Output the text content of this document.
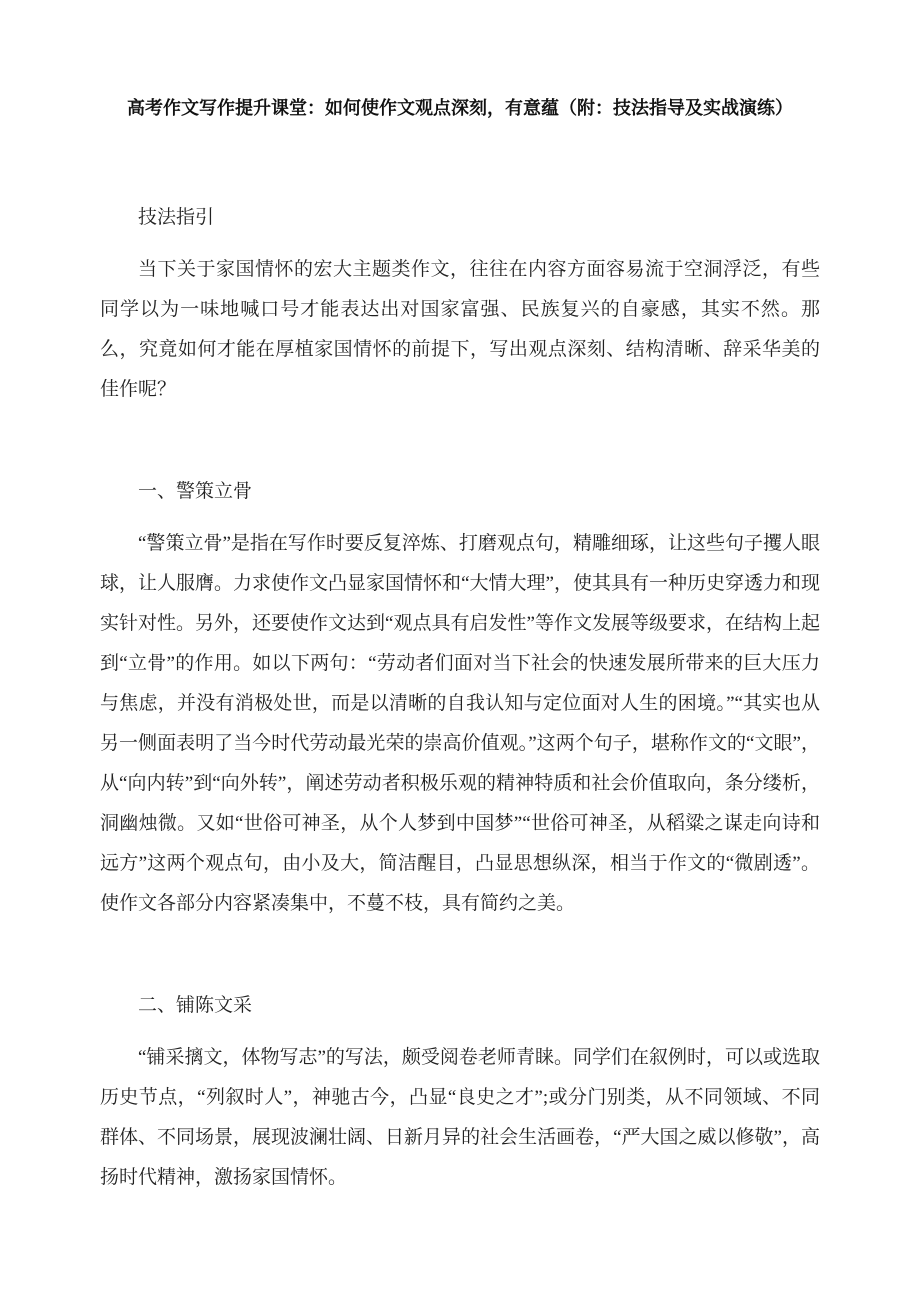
高考作文写作提升课堂：如何使作文观点深刻，有意蕴（附：技法指导及实战演练）
技法指引

当下关于家国情怀的宏大主题类作文，往往在内容方面容易流于空洞浮泛，有些同学以为一味地喊口号才能表达出对国家富强、民族复兴的自豪感，其实不然。那么，究竟如何才能在厚植家国情怀的前提下，写出观点深刻、结构清晰、辞采华美的佳作呢？

一、警策立骨

“警策立骨”是指在写作时要反复淬炼、打磨观点句，精雕细琢，让这些句子攫人眼球，让人服膺。力求使作文凸显家国情怀和“大情大理”，使其具有一种历史穿透力和现实针对性。另外，还要使作文达到“观点具有启发性”等作文发展等级要求，在结构上起到“立骨”的作用。如以下两句：“劳动者们面对当下社会的快速发展所带来的巨大压力与焦虑，并没有消极处世，而是以清晰的自我认知与定位面对人生的困境。”“其实也从另一侧面表明了当今时代劳动最光荣的崇高价值观。”这两个句子，堪称作文的“文眼”，从“向内转”到“向外转”，阐述劳动者积极乐观的精神特质和社会价值取向，条分缕析，洞幽烛微。又如“世俗可神圣，从个人梦到中国梦”“世俗可神圣，从稻粱之谋走向诗和远方”这两个观点句，由小及大，简洁醒目，凸显思想纵深，相当于作文的“微剧透”。使作文各部分内容紧凑集中，不蔓不枝，具有简约之美。

二、铺陈文采

“铺采摛文，体物写志”的写法，颇受阅卷老师青睐。同学们在叙例时，可以或选取历史节点，“列叙时人”，神驰古今，凸显“良史之才”;或分门别类，从不同领域、不同群体、不同场景，展现波澜壮阔、日新月异的社会生活画卷，“严大国之威以修敬”，高扬时代精神，激扬家国情怀。
